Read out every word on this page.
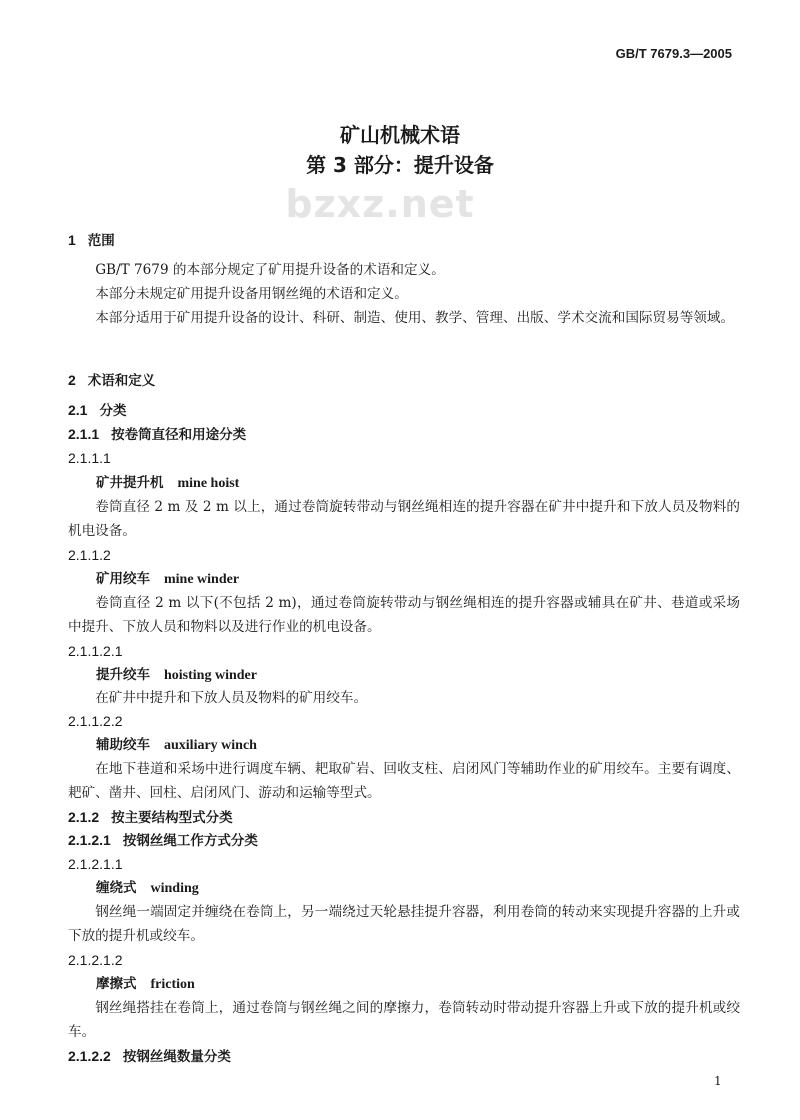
GB/T 7679.3—2005
矿山机械术语
第 3 部分：提升设备
bzxz.net
1 范围
GB/T 7679 的本部分规定了矿用提升设备的术语和定义。
本部分未规定矿用提升设备用钢丝绳的术语和定义。
本部分适用于矿用提升设备的设计、科研、制造、使用、教学、管理、出版、学术交流和国际贸易等领域。
2 术语和定义
2.1 分类
2.1.1 按卷筒直径和用途分类
2.1.1.1
矿井提升机 mine hoist
卷筒直径 2 m 及 2 m 以上，通过卷筒旋转带动与钢丝绳相连的提升容器在矿井中提升和下放人员及物料的机电设备。
2.1.1.2
矿用绞车 mine winder
卷筒直径 2 m 以下(不包括 2 m)，通过卷筒旋转带动与钢丝绳相连的提升容器或辅具在矿井、巷道或采场中提升、下放人员和物料以及进行作业的机电设备。
2.1.1.2.1
提升绞车 hoisting winder
在矿井中提升和下放人员及物料的矿用绞车。
2.1.1.2.2
辅助绞车 auxiliary winch
在地下巷道和采场中进行调度车辆、耙取矿岩、回收支柱、启闭风门等辅助作业的矿用绞车。主要有调度、耙矿、凿井、回柱、启闭风门、游动和运输等型式。
2.1.2 按主要结构型式分类
2.1.2.1 按钢丝绳工作方式分类
2.1.2.1.1
缠绕式 winding
钢丝绳一端固定并缠绕在卷筒上，另一端绕过天轮悬挂提升容器，利用卷筒的转动来实现提升容器的上升或下放的提升机或绞车。
2.1.2.1.2
摩擦式 friction
钢丝绳搭挂在卷筒上，通过卷筒与钢丝绳之间的摩擦力，卷筒转动时带动提升容器上升或下放的提升机或绞车。
2.1.2.2 按钢丝绳数量分类
1
